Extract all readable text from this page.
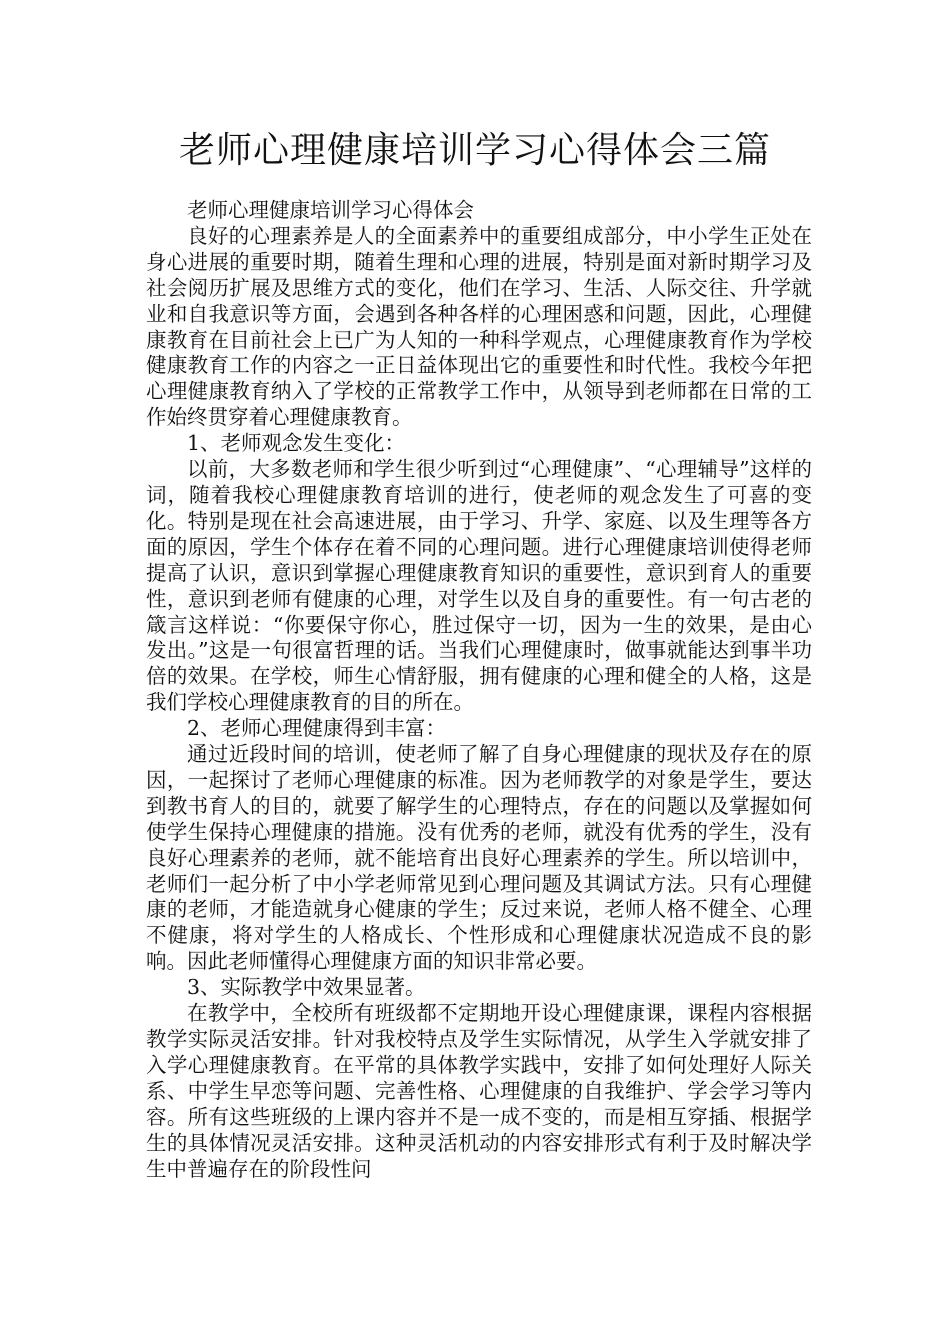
老师心理健康培训学习心得体会三篇

老师心理健康培训学习心得体会

良好的心理素养是人的全面素养中的重要组成部分，中小学生正处在身心进展的重要时期，随着生理和心理的进展，特别是面对新时期学习及社会阅历扩展及思维方式的变化，他们在学习、生活、人际交往、升学就业和自我意识等方面，会遇到各种各样的心理困惑和问题，因此，心理健康教育在目前社会上已广为人知的一种科学观点，心理健康教育作为学校健康教育工作的内容之一正日益体现出它的重要性和时代性。我校今年把心理健康教育纳入了学校的正常教学工作中，从领导到老师都在日常的工作始终贯穿着心理健康教育。

1、老师观念发生变化：

以前，大多数老师和学生很少听到过“心理健康”、“心理辅导”这样的词，随着我校心理健康教育培训的进行，使老师的观念发生了可喜的变化。特别是现在社会高速进展，由于学习、升学、家庭、以及生理等各方面的原因，学生个体存在着不同的心理问题。进行心理健康培训使得老师提高了认识，意识到掌握心理健康教育知识的重要性，意识到育人的重要性，意识到老师有健康的心理，对学生以及自身的重要性。有一句古老的箴言这样说：“你要保守你心，胜过保守一切，因为一生的效果，是由心发出。”这是一句很富哲理的话。当我们心理健康时，做事就能达到事半功倍的效果。在学校，师生心情舒服，拥有健康的心理和健全的人格，这是我们学校心理健康教育的目的所在。

2、老师心理健康得到丰富：

通过近段时间的培训，使老师了解了自身心理健康的现状及存在的原因，一起探讨了老师心理健康的标准。因为老师教学的对象是学生，要达到教书育人的目的，就要了解学生的心理特点，存在的问题以及掌握如何使学生保持心理健康的措施。没有优秀的老师，就没有优秀的学生，没有良好心理素养的老师，就不能培育出良好心理素养的学生。所以培训中，老师们一起分析了中小学老师常见到心理问题及其调试方法。只有心理健康的老师，才能造就身心健康的学生；反过来说，老师人格不健全、心理不健康，将对学生的人格成长、个性形成和心理健康状况造成不良的影响。因此老师懂得心理健康方面的知识非常必要。

3、实际教学中效果显著。

在教学中，全校所有班级都不定期地开设心理健康课，课程内容根据教学实际灵活安排。针对我校特点及学生实际情况，从学生入学就安排了入学心理健康教育。在平常的具体教学实践中，安排了如何处理好人际关系、中学生早恋等问题、完善性格、心理健康的自我维护、学会学习等内容。所有这些班级的上课内容并不是一成不变的，而是相互穿插、根据学生的具体情况灵活安排。这种灵活机动的内容安排形式有利于及时解决学生中普遍存在的阶段性问
